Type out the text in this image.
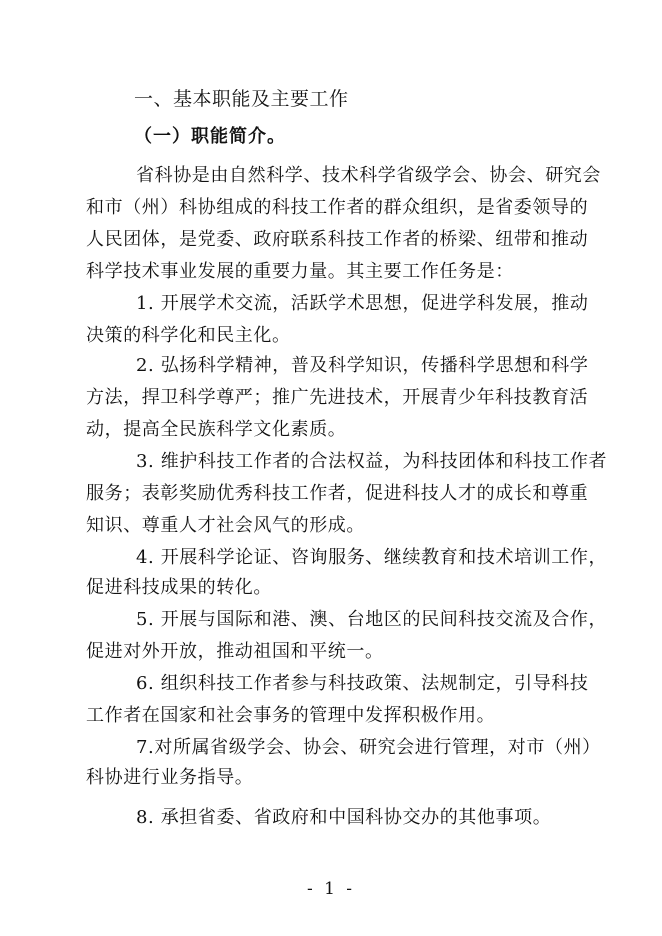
一、基本职能及主要工作
（一）职能简介。
省科协是由自然科学、技术科学省级学会、协会、研究会
和市（州）科协组成的科技工作者的群众组织，是省委领导的
人民团体，是党委、政府联系科技工作者的桥梁、纽带和推动
科学技术事业发展的重要力量。其主要工作任务是：
1. 开展学术交流，活跃学术思想，促进学科发展，推动
决策的科学化和民主化。
2. 弘扬科学精神，普及科学知识，传播科学思想和科学
方法，捍卫科学尊严；推广先进技术，开展青少年科技教育活
动，提高全民族科学文化素质。
3. 维护科技工作者的合法权益，为科技团体和科技工作者
服务；表彰奖励优秀科技工作者，促进科技人才的成长和尊重
知识、尊重人才社会风气的形成。
4. 开展科学论证、咨询服务、继续教育和技术培训工作，
促进科技成果的转化。
5. 开展与国际和港、澳、台地区的民间科技交流及合作，
促进对外开放，推动祖国和平统一。
6. 组织科技工作者参与科技政策、法规制定，引导科技
工作者在国家和社会事务的管理中发挥积极作用。
7.对所属省级学会、协会、研究会进行管理，对市（州）
科协进行业务指导。
8. 承担省委、省政府和中国科协交办的其他事项。
- 1 -
